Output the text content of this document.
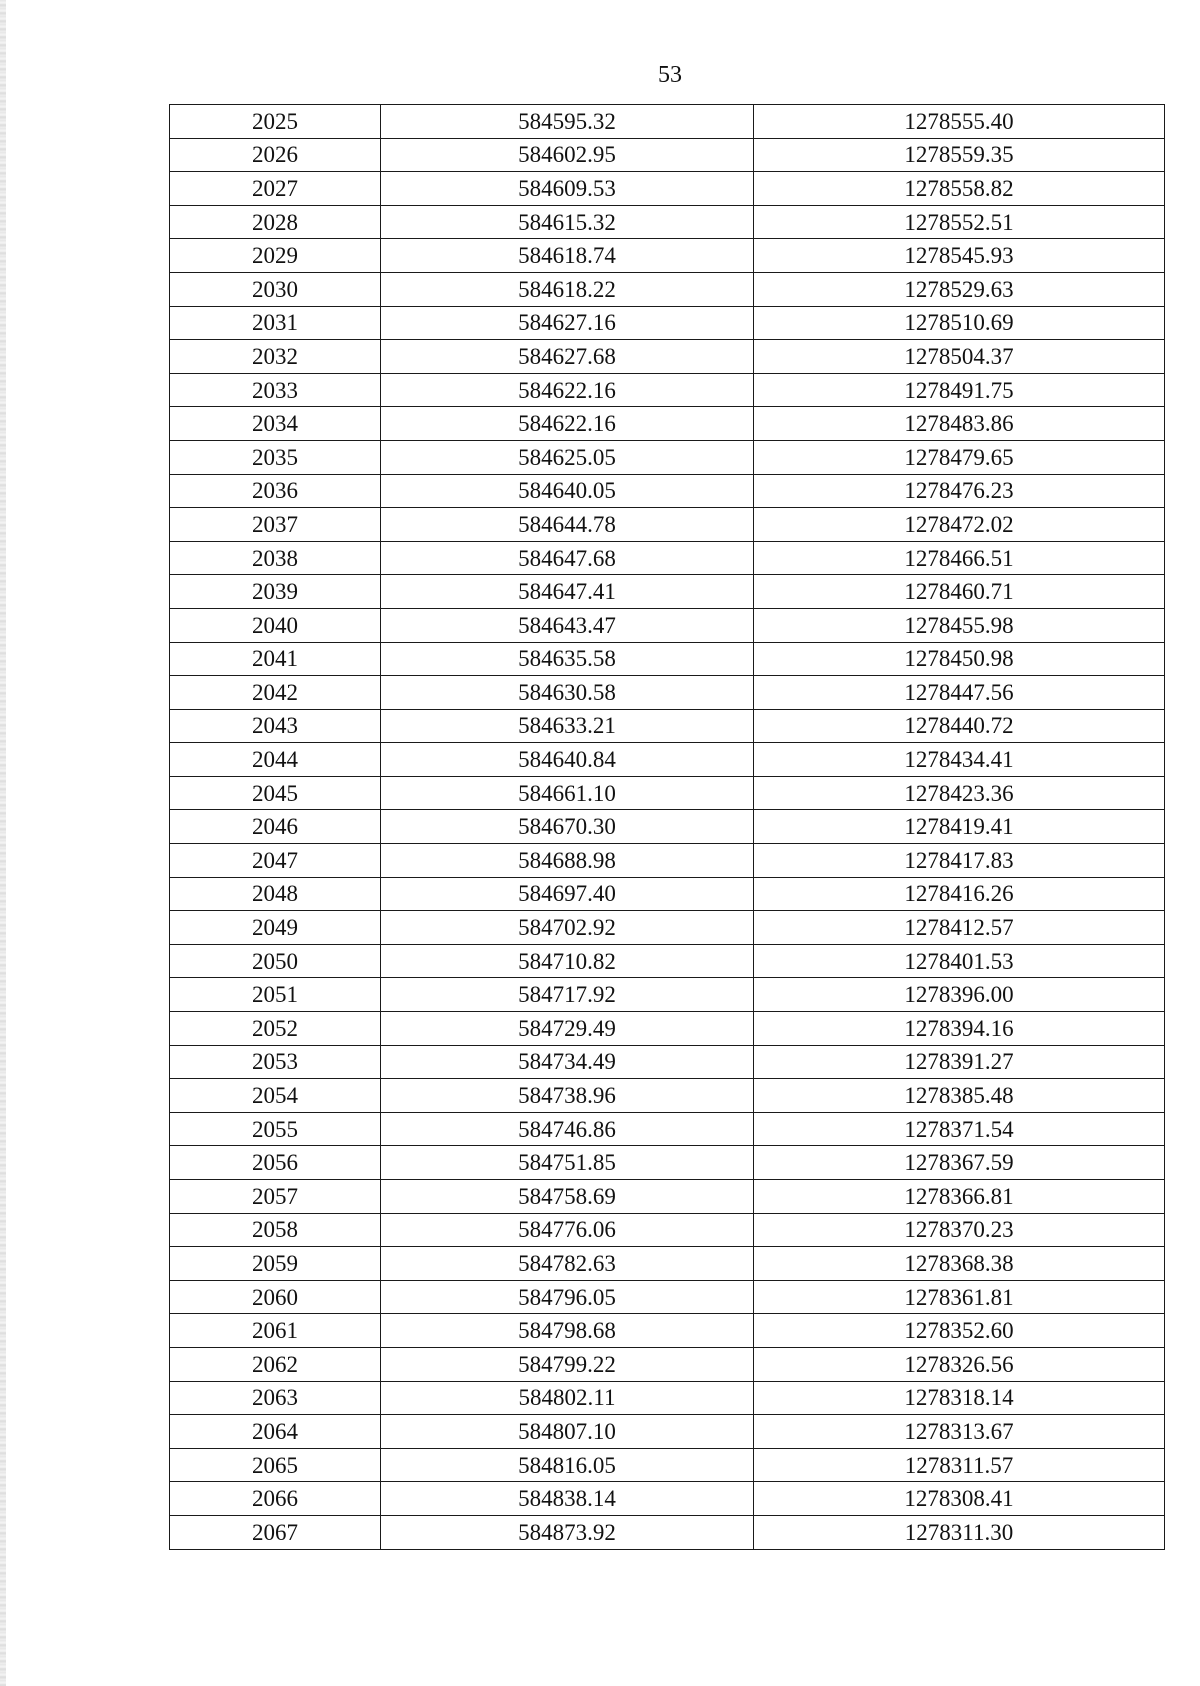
53
2025	584595.32	1278555.40
2026	584602.95	1278559.35
2027	584609.53	1278558.82
2028	584615.32	1278552.51
2029	584618.74	1278545.93
2030	584618.22	1278529.63
2031	584627.16	1278510.69
2032	584627.68	1278504.37
2033	584622.16	1278491.75
2034	584622.16	1278483.86
2035	584625.05	1278479.65
2036	584640.05	1278476.23
2037	584644.78	1278472.02
2038	584647.68	1278466.51
2039	584647.41	1278460.71
2040	584643.47	1278455.98
2041	584635.58	1278450.98
2042	584630.58	1278447.56
2043	584633.21	1278440.72
2044	584640.84	1278434.41
2045	584661.10	1278423.36
2046	584670.30	1278419.41
2047	584688.98	1278417.83
2048	584697.40	1278416.26
2049	584702.92	1278412.57
2050	584710.82	1278401.53
2051	584717.92	1278396.00
2052	584729.49	1278394.16
2053	584734.49	1278391.27
2054	584738.96	1278385.48
2055	584746.86	1278371.54
2056	584751.85	1278367.59
2057	584758.69	1278366.81
2058	584776.06	1278370.23
2059	584782.63	1278368.38
2060	584796.05	1278361.81
2061	584798.68	1278352.60
2062	584799.22	1278326.56
2063	584802.11	1278318.14
2064	584807.10	1278313.67
2065	584816.05	1278311.57
2066	584838.14	1278308.41
2067	584873.92	1278311.30
